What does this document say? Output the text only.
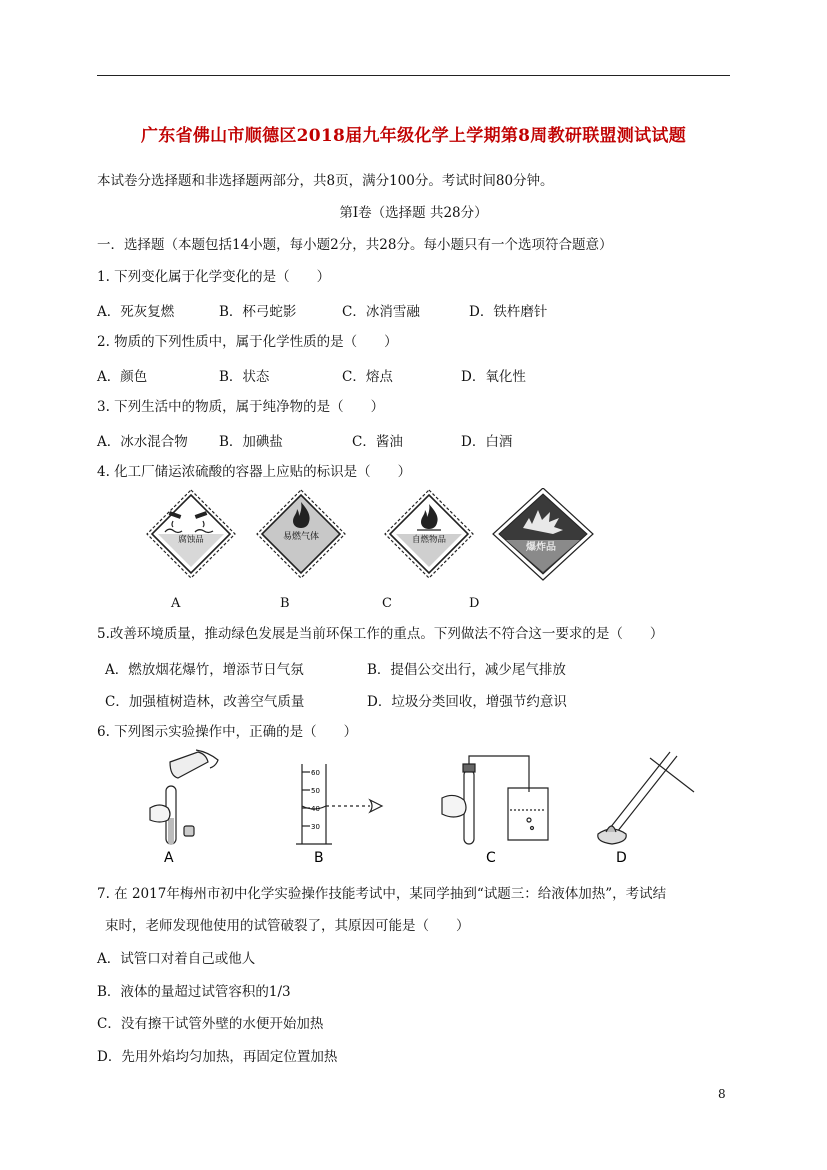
广东省佛山市顺德区2018届九年级化学上学期第8周教研联盟测试试题
本试卷分选择题和非选择题两部分，共8页，满分100分。考试时间80分钟。
第Ⅰ卷（选择题 共28分）
一．选择题（本题包括14小题，每小题2分，共28分。每小题只有一个选项符合题意）
1. 下列变化属于化学变化的是（　　）
A．死灰复燃	B．杯弓蛇影	C．冰消雪融	D．铁杵磨针
2. 物质的下列性质中，属于化学性质的是（　　）
A．颜色	B．状态	C．熔点	D．氧化性
3. 下列生活中的物质，属于纯净物的是（　　）
A．冰水混合物 B．加碘盐	C．酱油	D．白酒
4. 化工厂储运浓硫酸的容器上应贴的标识是（　　）
腐蚀品	易燃气体	自燃物品
爆炸品
A	B	C	D
5.改善环境质量，推动绿色发展是当前环保工作的重点。下列做法不符合这一要求的是（　　）
A．燃放烟花爆竹，增添节日气氛	B．提倡公交出行，减少尾气排放
C．加强植树造林，改善空气质量	D．垃圾分类回收，增强节约意识
6. 下列图示实验操作中，正确的是（　　）
A
60
50
40
30
B	C	D
7. 在 2017年梅州市初中化学实验操作技能考试中，某同学抽到“试题三：给液体加热”，考试结
束时，老师发现他使用的试管破裂了，其原因可能是（　　）
A．试管口对着自己或他人
B．液体的量超过试管容积的1/3
C．没有擦干试管外壁的水便开始加热
D．先用外焰均匀加热，再固定位置加热
8
